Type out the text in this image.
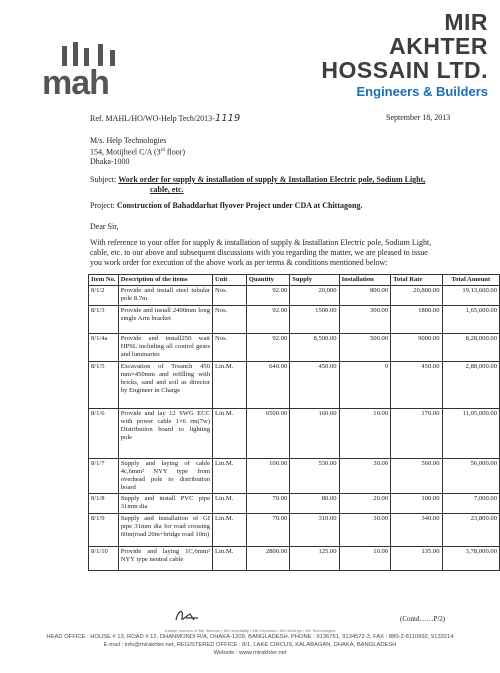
mah
MIR
AKHTER
HOSSAIN LTD.
Engineers & Builders
Ref. MAHL/HO/WO-Help Tech/2013-1119	September 18, 2013
M/s. Help Technologies
154, Motijheel C/A (3rd floor)
Dhaka-1000
Subject: Work order for supply & installation of supply & Installation Electric pole, Sodium Light,
cable, etc.
Project: Construction of Bahaddarhat flyover Project under CDA at Chittagong.
Dear Sir,
With reference to your offer for supply & installation of supply & Installation Electric pole, Sodium Light,
cable, etc. to our above and subsequent discussions with you regarding the matter, we are pleased to issue
you work order for execution of the above work as per terms & conditions mentioned below:
Item No.	Description of the items	Unit	Quantity	Supply	Installation	Total Rate	Total Amount
8/1/2	Provide and install steel tubular pole 8.7m	Nos.	92.00	20,000	800.00	20,800.00	19,13,600.00
8/1/3	Provide and install 2400mm long single Arm bracket	Nos.	92.00	1500.00	300.00	1800.00	1,65,600.00
8/1/4a	Provide and install250 watt HPSL including all control gears and luminaries	Nos.	92.00	8,500.00	500.00	9000.00	8,28,000.00
8/1/5	Excavation of Treanch 450 mm×450mm and refilling with bricks, sand and soil as director by Engineer in Charge	Lin.M.	640.00	450.00	0	450.00	2,88,000.00
8/1/6	Provide and lay 12 SWG ECC with power cable 1×6 rm(7w) Distribution board to lighting pole	Lin.M.	6500.00	160.00	10.00	170.00	11,05,000.00
8/1/7	Supply and laying of cable 4c,6mm² NYY type from overhead pole to distribution board	Lin.M.	100.00	530.00	30.00	560.00	56,000.00
8/1/8	Supply and install PVC pipe 31mm dia	Lin.M.	70.00	80.00	20.00	100.00	7,000.00
8/1/9	Supply and installation of GI pipe 31mm dia for road crossing 60m(road 20m+bridge road 10m)	Lin.M.	70.00	310.00	30.00	340.00	23,800.00
8/1/10	Provide and laying 1C,6mm² NYY type neutral cable	Lin.M.	2800.00	125.00	10.00	135.00	3,78,000.00
(Contd……P/2)
A sister concern of Mir Telecom • Mir Hospitality • Mir Ceramics • Mir Holdings • Mir Technologies
HEAD OFFICE : HOUSE # 13, ROAD # 12, DHANMONDI R/A, DHAKA-1209, BANGLADESH, PHONE : 9136761, 9134572-3, FAX : 880-2-8110992, 9133214
E-mail : info@mirakhter.net, REGISTERED OFFICE : 8/1, LAKE CIRCUS, KALABAGAN, DHAKA, BANGLADESH
Website : www.mirakhter.net
